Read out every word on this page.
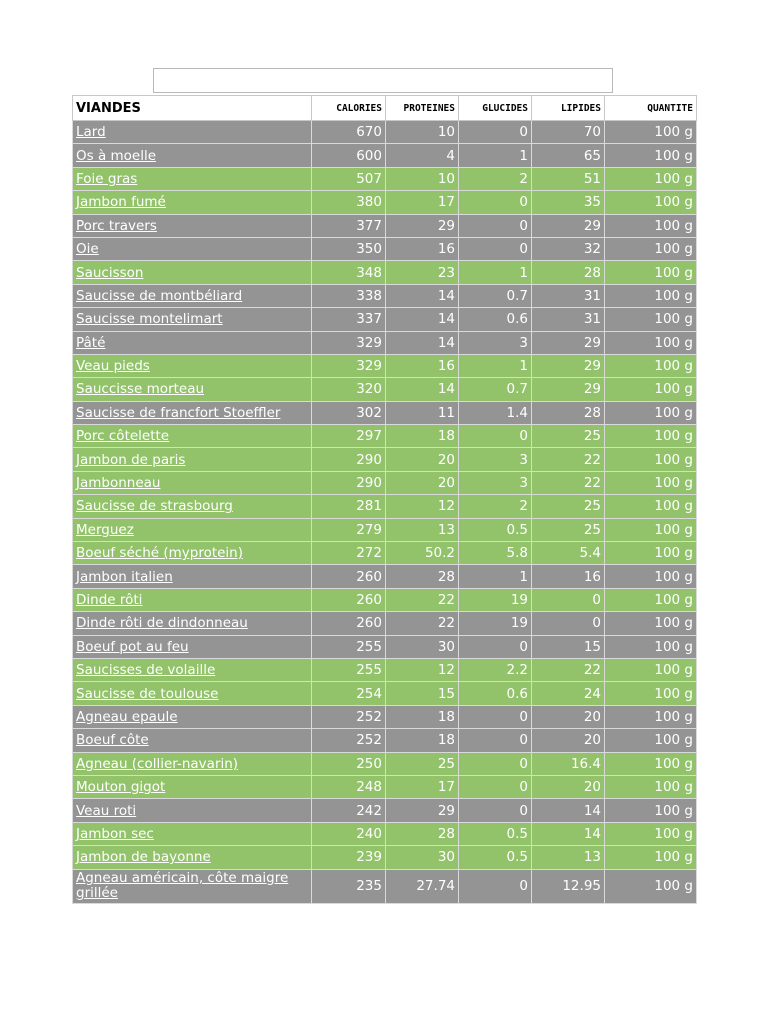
VIANDES	CALORIES	PROTEINES	GLUCIDES	LIPIDES	QUANTITE
Lard	670	10	0	70	100 g
Os à moelle	600	4	1	65	100 g
Foie gras	507	10	2	51	100 g
Jambon fumé	380	17	0	35	100 g
Porc travers	377	29	0	29	100 g
Oie	350	16	0	32	100 g
Saucisson	348	23	1	28	100 g
Saucisse de montbéliard	338	14	0.7	31	100 g
Saucisse montelimart	337	14	0.6	31	100 g
Pâté	329	14	3	29	100 g
Veau pieds	329	16	1	29	100 g
Sauccisse morteau	320	14	0.7	29	100 g
Saucisse de francfort Stoeffler	302	11	1.4	28	100 g
Porc côtelette	297	18	0	25	100 g
Jambon de paris	290	20	3	22	100 g
Jambonneau	290	20	3	22	100 g
Saucisse de strasbourg	281	12	2	25	100 g
Merguez	279	13	0.5	25	100 g
Boeuf séché (myprotein)	272	50.2	5.8	5.4	100 g
Jambon italien	260	28	1	16	100 g
Dinde rôti	260	22	19	0	100 g
Dinde rôti de dindonneau	260	22	19	0	100 g
Boeuf pot au feu	255	30	0	15	100 g
Saucisses de volaille	255	12	2.2	22	100 g
Saucisse de toulouse	254	15	0.6	24	100 g
Agneau epaule	252	18	0	20	100 g
Boeuf côte	252	18	0	20	100 g
Agneau (collier-navarin)	250	25	0	16.4	100 g
Mouton gigot	248	17	0	20	100 g
Veau roti	242	29	0	14	100 g
Jambon sec	240	28	0.5	14	100 g
Jambon de bayonne	239	30	0.5	13	100 g
Agneau américain, côte maigre grillée	235	27.74	0	12.95	100 g
